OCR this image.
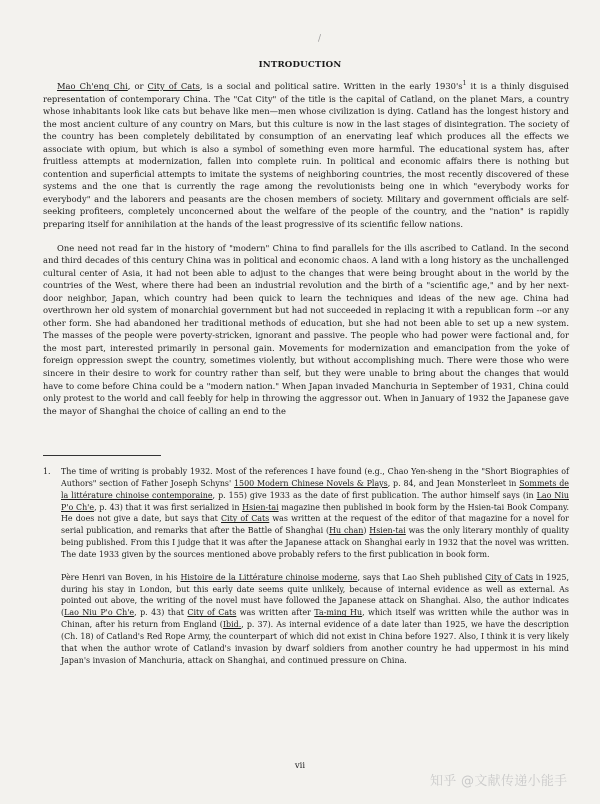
/
INTRODUCTION

Mao Ch'eng Chi, or City of Cats, is a social and political satire. Written in the early $1930's^1$ it is a thinly disguised representation of contemporary China. The "Cat City" of the title is the capital of Catland, on the planet Mars, a country whose inhabitants look like cats but behave like men—men whose civilization is dying. Catland has the longest history and the most ancient culture of any country on Mars, but this culture is now in the last stages of disintegration. The society of the country has been completely debilitated by consumption of an enervating leaf which produces all the effects we associate with opium, but which is also a symbol of something even more harmful. The educational system has, after fruitless attempts at modernization, fallen into complete ruin. In political and economic affairs there is nothing but contention and superficial attempts to imitate the systems of neighboring countries, the most recently discovered of these systems and the one that is currently the rage among the revolutionists being one in which "everybody works for everybody" and the laborers and peasants are the chosen members of society. Military and government officials are self-seeking profiteers, completely unconcerned about the welfare of the people of the country, and the "nation" is rapidly preparing itself for annihilation at the hands of the least progressive of its scientific fellow nations.

One need not read far in the history of "modern" China to find parallels for the ills ascribed to Catland. In the second and third decades of this century China was in political and economic chaos. A land with a long history as the unchallenged cultural center of Asia, it had not been able to adjust to the changes that were being brought about in the world by the countries of the West, where there had been an industrial revolution and the birth of a "scientific age," and by her next-door neighbor, Japan, which country had been quick to learn the techniques and ideas of the new age. China had overthrown her old system of monarchial government but had not succeeded in replacing it with a republican form --or any other form. She had abandoned her traditional methods of education, but she had not been able to set up a new system. The masses of the people were poverty-stricken, ignorant and passive. The people who had power were factional and, for the most part, interested primarily in personal gain. Movements for modernization and emancipation from the yoke of foreign oppression swept the country, sometimes violently, but without accomplishing much. There were those who were sincere in their desire to work for country rather than self, but they were unable to bring about the changes that would have to come before China could be a "modern nation." When Japan invaded Manchuria in September of 1931, China could only protest to the world and call feebly for help in throwing the aggressor out. When in January of 1932 the Japanese gave the mayor of Shanghai the choice of calling an end to the

1. The time of writing is probably 1932. Most of the references I have found (e.g., Chao Yen-sheng in the "Short Biographies of Authors" section of Father Joseph Schyns' 1500 Modern Chinese Novels & Plays, p. 84, and Jean Monsterleet in Sommets de la littérature chinoise contemporaine, p. 155) give 1933 as the date of first publication. The author himself says (in Lao Niu P'o Ch'e, p. 43) that it was first serialized in Hsien-tai magazine then published in book form by the Hsien-tai Book Company. He does not give a date, but says that City of Cats was written at the request of the editor of that magazine for a novel for serial publication, and remarks that after the Battle of Shanghai (Hu chan) Hsien-tai was the only literary monthly of quality being published. From this I judge that it was after the Japanese attack on Shanghai early in 1932 that the novel was written. The date 1933 given by the sources mentioned above probably refers to the first publication in book form.

Père Henri van Boven, in his Histoire de la Littérature chinoise moderne, says that Lao Sheh published City of Cats in 1925, during his stay in London, but this early date seems quite unlikely, because of internal evidence as well as external. As pointed out above, the writing of the novel must have followed the Japanese attack on Shanghai. Also, the author indicates (Lao Niu P'o Ch'e, p. 43) that City of Cats was written after Ta-ming Hu, which itself was written while the author was in Chinan, after his return from England (Ibid., p. 37). As internal evidence of a date later than 1925, we have the description (Ch. 18) of Catland's Red Rope Army, the counterpart of which did not exist in China before 1927. Also, I think it is very likely that when the author wrote of Catland's invasion by dwarf soldiers from another country he had uppermost in his mind Japan's invasion of Manchuria, attack on Shanghai, and continued pressure on China.

vii
知乎 @文献传递小能手
